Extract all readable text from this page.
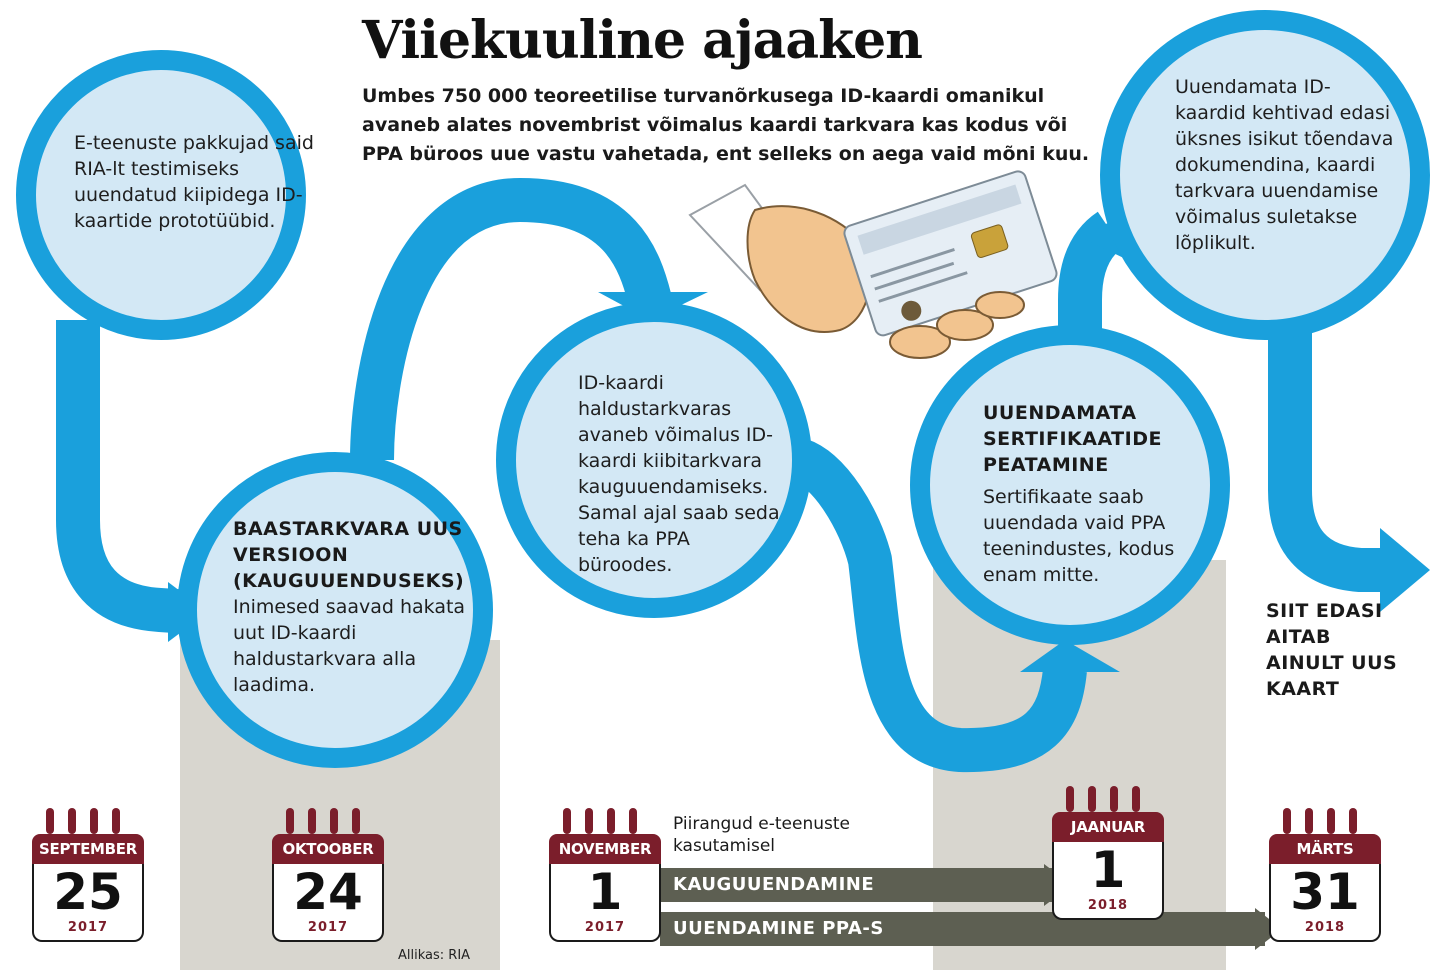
Viiekuuline ajaaken
Umbes 750 000 teoreetilise turvanõrkusega ID-kaardi omanikul avaneb alates novembrist võimalus kaardi tarkvara kas kodus või PPA büroos uue vastu vahetada, ent selleks on aega vaid mõni kuu.
E-teenuste pakkujad said RIA-lt testimiseks uuendatud kiipidega ID-kaartide prototüübid.
BAASTARKVARA UUS VERSIOON (KAUGUUENDUSEKS)
Inimesed saavad hakata uut ID-kaardi haldustarkvara alla laadima.
ID-kaardi haldustarkvaras avaneb võimalus ID-kaardi kiibitarkvara kauguuendamiseks. Samal ajal saab seda teha ka PPA büroodes.
UUENDAMATA SERTIFIKAATIDE PEATAMINE
Sertifikaate saab uuendada vaid PPA teenindustes, kodus enam mitte.
Uuendamata ID-kaardid kehtivad edasi üksnes isikut tõendava dokumendina, kaardi tarkvara uuendamise võimalus suletakse lõplikult.
SIIT EDASI AITAB AINULT UUS KAART
SEPTEMBER
25
2017
OKTOOBER
24
2017
NOVEMBER
1
2017
JAANUAR
1
2018
MÄRTS
31
2018
Piirangud e-teenuste kasutamisel
KAUGUUENDAMINE
UUENDAMINE PPA-S
Allikas: RIA
